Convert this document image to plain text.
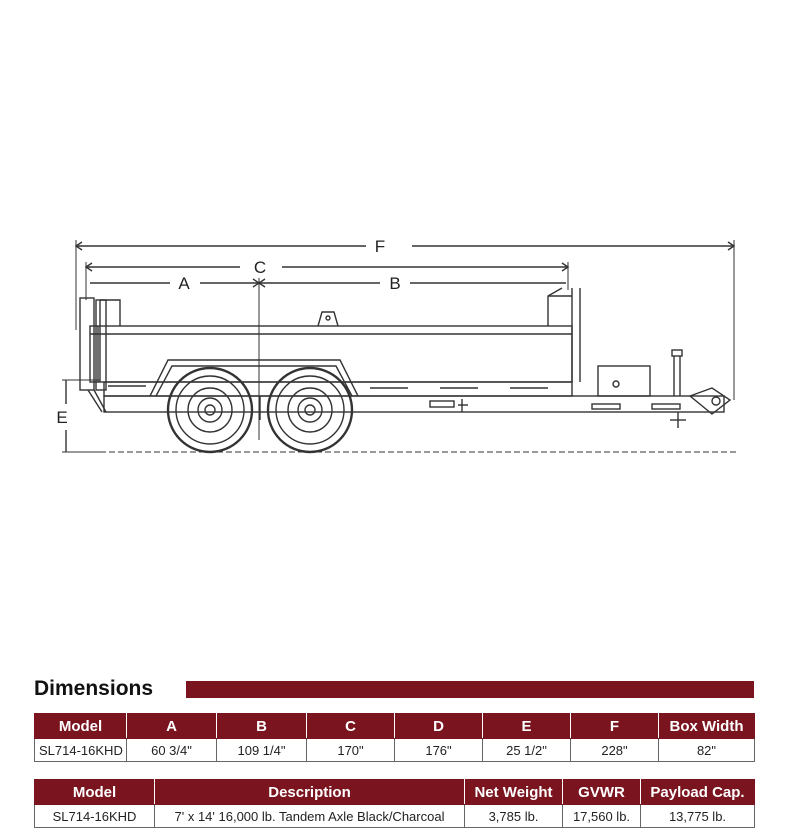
F
C
A	B
E
Dimensions
Model	A	B	C	D	E	F	Box Width
SL714-16KHD	60 3/4"	109 1/4"	170"	176"	25 1/2"	228"	82"
Model	Description	Net Weight	GVWR	Payload Cap.
SL714-16KHD	7' x 14' 16,000 lb. Tandem Axle Black/Charcoal	3,785 lb.	17,560 lb.	13,775 lb.
